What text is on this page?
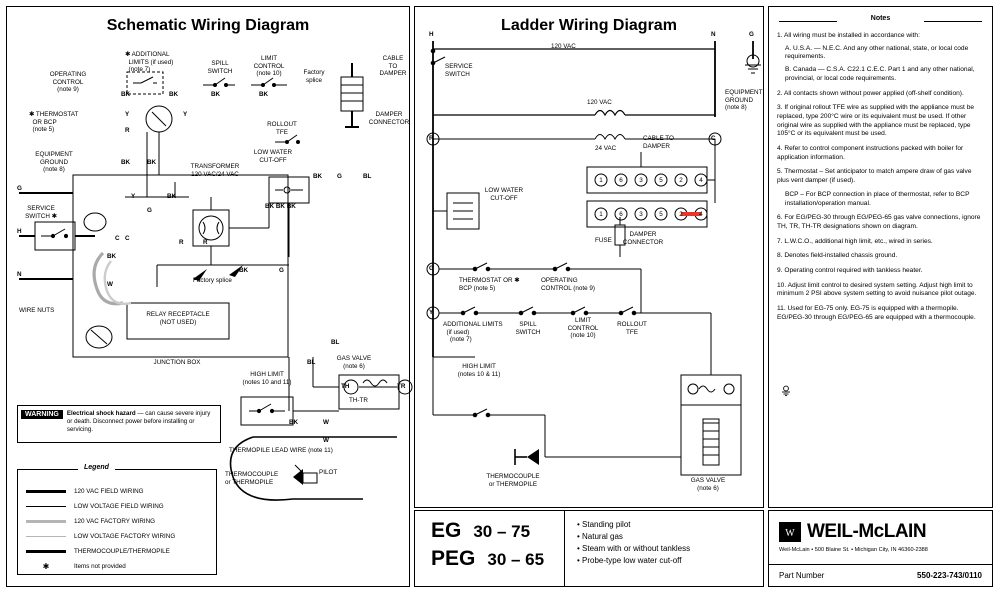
Schematic Wiring Diagram
OPERATING
CONTROL
(note 9)
✱ ADDITIONAL
LIMITS (if used)
(note 7)
SPILL
SWITCH
LIMIT
CONTROL
(note 10)	Factory
splice
CABLE
TO
DAMPER
✱ THERMOSTAT
OR BCP
(note 5)
ROLLOUT
TFE
DAMPER
CONNECTOR
EQUIPMENT
GROUND
(note 8)	TRANSFORMER
120 VAC/24 VAC
LOW WATER
CUT-OFF
SERVICE
SWITCH ✱
Factory splice
WIRE NUTS
RELAY RECEPTACLE
(NOT USED)
JUNCTION BOX
HIGH LIMIT
(notes 10 and 11)
GAS VALVE
(note 6)
TH-TR
THERMOPILE LEAD WIRE (note 11)
THERMOCOUPLE
or THERMOPILE
PILOT
G
H
N
BK	BK	BK	BK
Y	Y
R
BK	BK
BK
Y
G
BK BK BK
BK G	BL
R	R
C C
BK
W
BK	G
BL
BL
TH	TR
BK	W
W
WARNING	Electrical shock hazard — can cause severe injury or death. Disconnect power before installing or servicing.
Legend
120 VAC FIELD WIRING
LOW VOLTAGE FIELD WIRING
120 VAC FACTORY WIRING
LOW VOLTAGE FACTORY WIRING
THERMOCOUPLE/THERMOPILE
✱	Items not provided
Ladder Wiring Diagram
H	N	G
SERVICE
SWITCH
120 VAC
120 VAC
24 VAC
EQUIPMENT
GROUND
(note 8)
CABLE TO
DAMPER
R	C
G
Y
LOW WATER
CUT-OFF
THERMOSTAT OR ✱
BCP (note 5)
OPERATING
CONTROL (note 9)
ADDITIONAL LIMITS
(if used)
(note 7)
SPILL
SWITCH
LIMIT
CONTROL
(note 10)
ROLLOUT
TFE
FUSE

DAMPER
CONNECTOR
HIGH LIMIT
(notes 10 & 11)
THERMOCOUPLE
or THERMOPILE
GAS VALVE
(note 6)
1	6	3	5	2	4
1	6	3	5	2	4
EG 30 – 75
PEG 30 – 65
• Standing pilot
• Natural gas
• Steam with or without tankless
• Probe-type low water cut-off
Notes
1. All wiring must be installed in accordance with:
A. U.S.A. — N.E.C. And any other national, state, or local code requirements.
B. Canada — C.S.A. C22.1 C.E.C. Part 1 and any other national, provincial, or local code requirements.
2. All contacts shown without power applied (off-shelf condition).
3. If original rollout TFE wire as supplied with the appliance must be replaced, type 200°C wire or its equivalent must be used. If other original wire as supplied with the appliance must be replaced, type 105°C or its equivalent must be used.
4. Refer to control component instructions packed with boiler for application information.
5. Thermostat – Set anticipator to match ampere draw of gas valve plus vent damper (if used).
BCP – For BCP connection in place of thermostat, refer to BCP installation/operation manual.
6. For EG/PEG-30 through EG/PEG-65 gas valve connections, ignore TH, TR, TH-TR designations shown on diagram.
7. L.W.C.O., additional high limit, etc., wired in series.
8. Denotes field-installed chassis ground.
9. Operating control required with tankless heater.
10. Adjust limit control to desired system setting. Adjust high limit to minimum 2 PSI above system setting to avoid nuisance pilot outage.
11. Used for EG-75 only. EG-75 is equipped with a thermopile. EG/PEG-30 through EG/PEG-65 are equipped with a thermocouple.
W WEIL-McLAIN
Weil-McLain • 500 Blaine St. • Michigan City, IN 46360-2388
Part Number	550-223-743/0110
